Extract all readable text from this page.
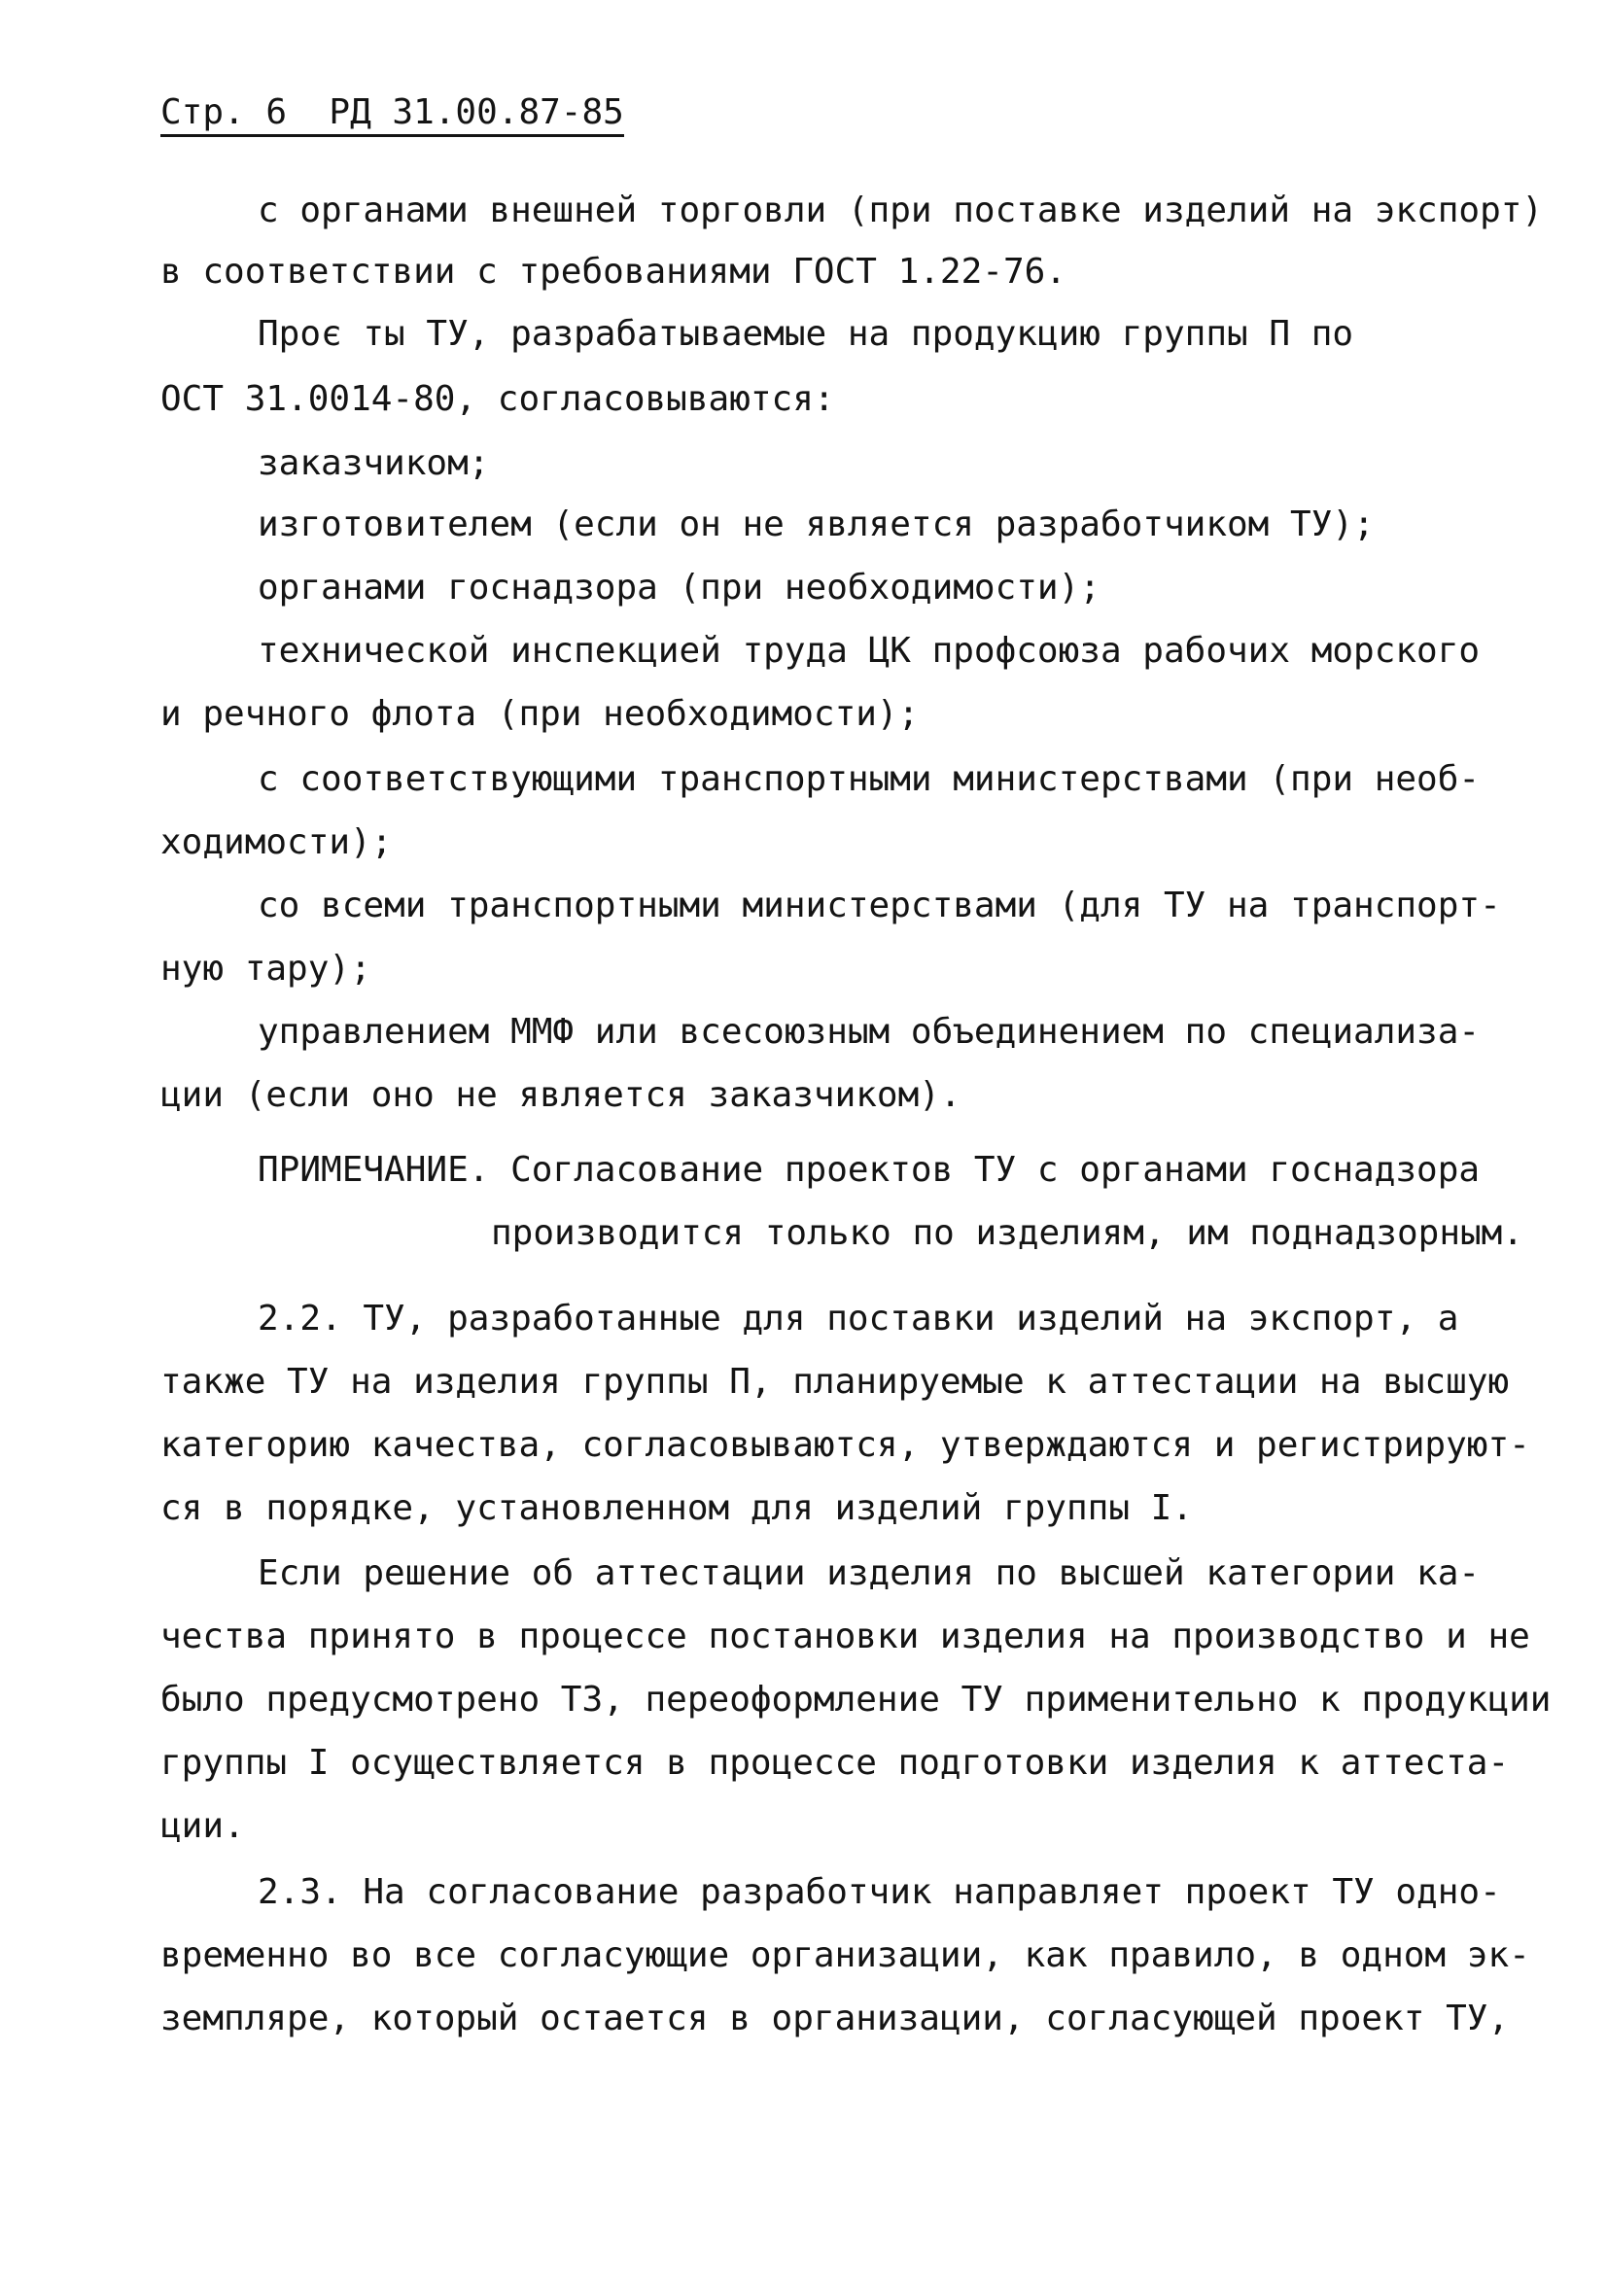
Стр. 6  РД 31.00.87-85
с органами внешней торговли (при поставке изделий на экспорт)
в соответствии с требованиями ГОСТ 1.22-76.
Проє ты ТУ, разрабатываемые на продукцию группы П по
ОСТ 31.0014-80, согласовываются:
заказчиком;
изготовителем (если он не является разработчиком ТУ);
органами госнадзора (при необходимости);
технической инспекцией труда ЦК профсоюза рабочих морского
и речного флота (при необходимости);
с соответствующими транспортными министерствами (при необ-
ходимости);
со всеми транспортными министерствами (для ТУ на транспорт-
ную тару);
управлением ММФ или всесоюзным объединением по специализа-
ции (если оно не является заказчиком).
ПРИМЕЧАНИЕ. Согласование проектов ТУ с органами госнадзора
производится только по изделиям, им поднадзорным.
2.2. ТУ, разработанные для поставки изделий на экспорт, а
также ТУ на изделия группы П, планируемые к аттестации на высшую
категорию качества, согласовываются, утверждаются и регистрируют-
ся в порядке, установленном для изделий группы I.
Если решение об аттестации изделия по высшей категории ка-
чества принято в процессе постановки изделия на производство и не
было предусмотрено ТЗ, переоформление ТУ применительно к продукции
группы I осуществляется в процессе подготовки изделия к аттеста-
ции.
2.3. На согласование разработчик направляет проект ТУ одно-
временно во все согласующие организации, как правило, в одном эк-
земпляре, который остается в организации, согласующей проект ТУ,
